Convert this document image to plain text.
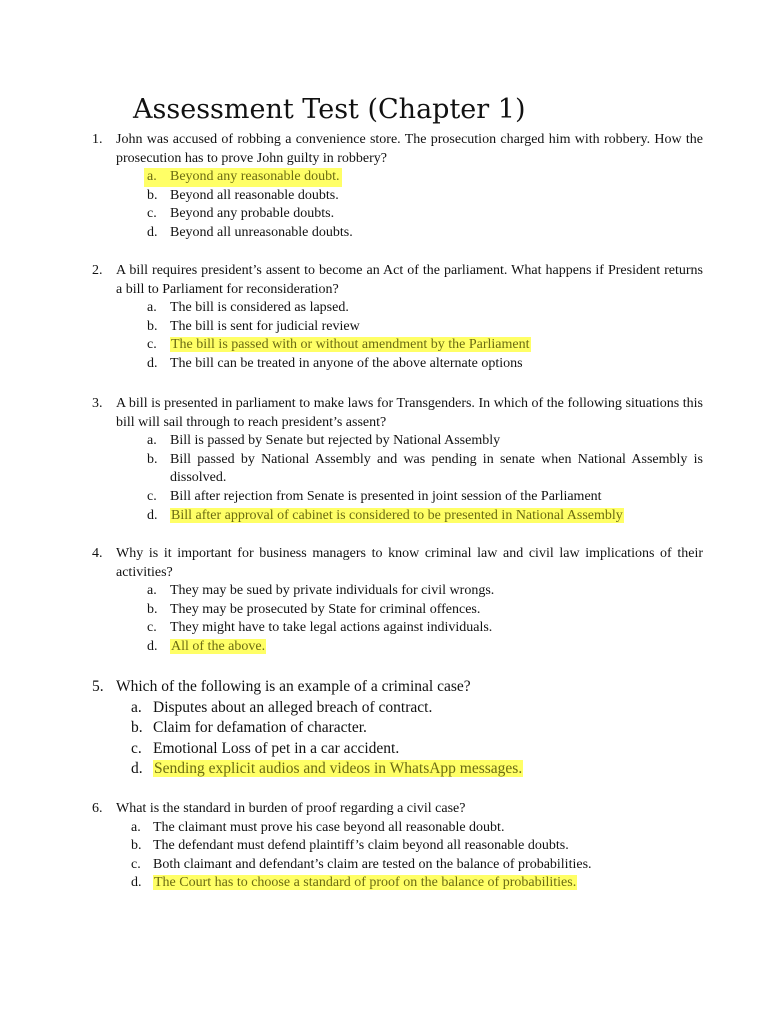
Assessment Test (Chapter 1)
1. John was accused of robbing a convenience store. The prosecution charged him with robbery. How the prosecution has to prove John guilty in robbery?
a. Beyond any reasonable doubt.
b. Beyond all reasonable doubts.
c. Beyond any probable doubts.
d. Beyond all unreasonable doubts.
2. A bill requires president’s assent to become an Act of the parliament. What happens if President returns a bill to Parliament for reconsideration?
a. The bill is considered as lapsed.
b. The bill is sent for judicial review
c. The bill is passed with or without amendment by the Parliament
d. The bill can be treated in anyone of the above alternate options
3. A bill is presented in parliament to make laws for Transgenders. In which of the following situations this bill will sail through to reach president’s assent?
a. Bill is passed by Senate but rejected by National Assembly
b. Bill passed by National Assembly and was pending in senate when National Assembly is dissolved.
c. Bill after rejection from Senate is presented in joint session of the Parliament
d. Bill after approval of cabinet is considered to be presented in National Assembly
4. Why is it important for business managers to know criminal law and civil law implications of their activities?
a. They may be sued by private individuals for civil wrongs.
b. They may be prosecuted by State for criminal offences.
c. They might have to take legal actions against individuals.
d. All of the above.
5. Which of the following is an example of a criminal case?
a. Disputes about an alleged breach of contract.
b. Claim for defamation of character.
c. Emotional Loss of pet in a car accident.
d. Sending explicit audios and videos in WhatsApp messages.
6. What is the standard in burden of proof regarding a civil case?
a. The claimant must prove his case beyond all reasonable doubt.
b. The defendant must defend plaintiff’s claim beyond all reasonable doubts.
c. Both claimant and defendant’s claim are tested on the balance of probabilities.
d. The Court has to choose a standard of proof on the balance of probabilities.
